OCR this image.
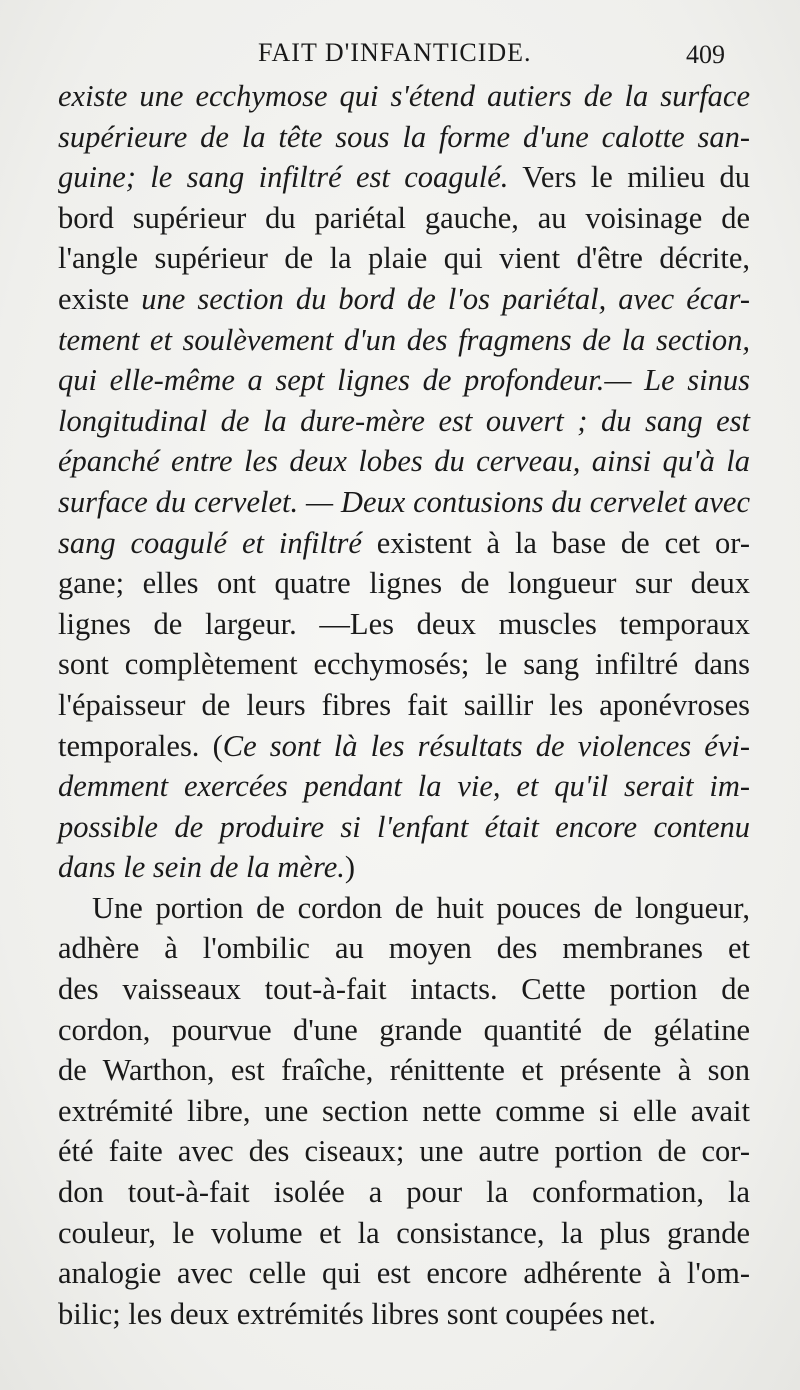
FAIT D'INFANTICIDE.	409
existe une ecchymose qui s'étend autiers de la surface
supérieure de la tête sous la forme d'une calotte san-
guine; le sang infiltré est coagulé. Vers le milieu du
bord supérieur du pariétal gauche, au voisinage de
l'angle supérieur de la plaie qui vient d'être décrite,
existe une section du bord de l'os pariétal, avec écar-
tement et soulèvement d'un des fragmens de la section,
qui elle-même a sept lignes de profondeur.— Le sinus
longitudinal de la dure-mère est ouvert ; du sang est
épanché entre les deux lobes du cerveau, ainsi qu'à la
surface du cervelet. — Deux contusions du cervelet avec
sang coagulé et infiltré existent à la base de cet or-
gane; elles ont quatre lignes de longueur sur deux
lignes de largeur. —Les deux muscles temporaux
sont complètement ecchymosés; le sang infiltré dans
l'épaisseur de leurs fibres fait saillir les aponévroses
temporales. (Ce sont là les résultats de violences évi-
demment exercées pendant la vie, et qu'il serait im-
possible de produire si l'enfant était encore contenu
dans le sein de la mère.)
Une portion de cordon de huit pouces de longueur,
adhère à l'ombilic au moyen des membranes et
des vaisseaux tout-à-fait intacts. Cette portion de
cordon, pourvue d'une grande quantité de gélatine
de Warthon, est fraîche, rénittente et présente à son
extrémité libre, une section nette comme si elle avait
été faite avec des ciseaux; une autre portion de cor-
don tout-à-fait isolée a pour la conformation, la
couleur, le volume et la consistance, la plus grande
analogie avec celle qui est encore adhérente à l'om-
bilic; les deux extrémités libres sont coupées net.
